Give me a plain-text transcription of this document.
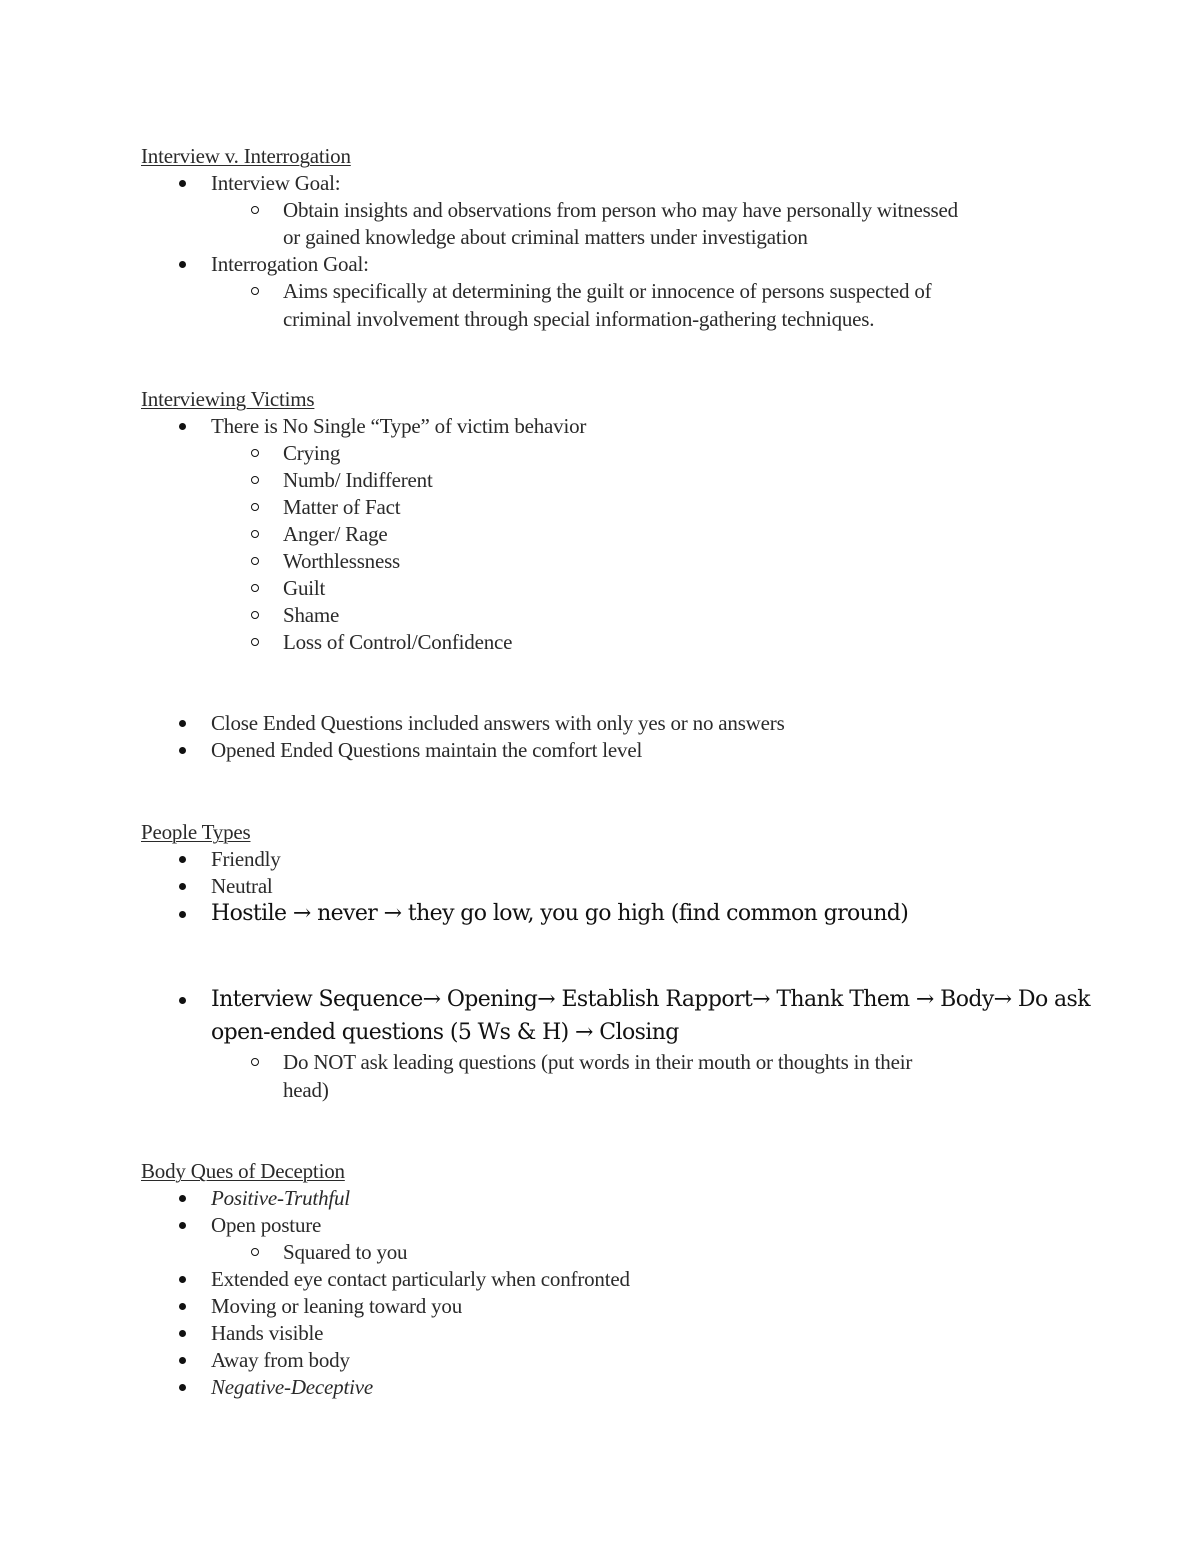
Interview v. Interrogation
Interview Goal:
Obtain insights and observations from person who may have personally witnessed
or gained knowledge about criminal matters under investigation
Interrogation Goal:
Aims specifically at determining the guilt or innocence of persons suspected of
criminal involvement through special information-gathering techniques.
Interviewing Victims
There is No Single “Type” of victim behavior
Crying
Numb/ Indifferent
Matter of Fact
Anger/ Rage
Worthlessness
Guilt
Shame
Loss of Control/Confidence
Close Ended Questions included answers with only yes or no answers
Opened Ended Questions maintain the comfort level
People Types
Friendly
Neutral
Hostile → never → they go low, you go high (find common ground)
Interview Sequence→ Opening→ Establish Rapport→ Thank Them → Body→ Do ask
open-ended questions (5 Ws & H) → Closing
Do NOT ask leading questions (put words in their mouth or thoughts in their
head)
Body Ques of Deception
Positive-Truthful
Open posture
Squared to you
Extended eye contact particularly when confronted
Moving or leaning toward you
Hands visible
Away from body
Negative-Deceptive
